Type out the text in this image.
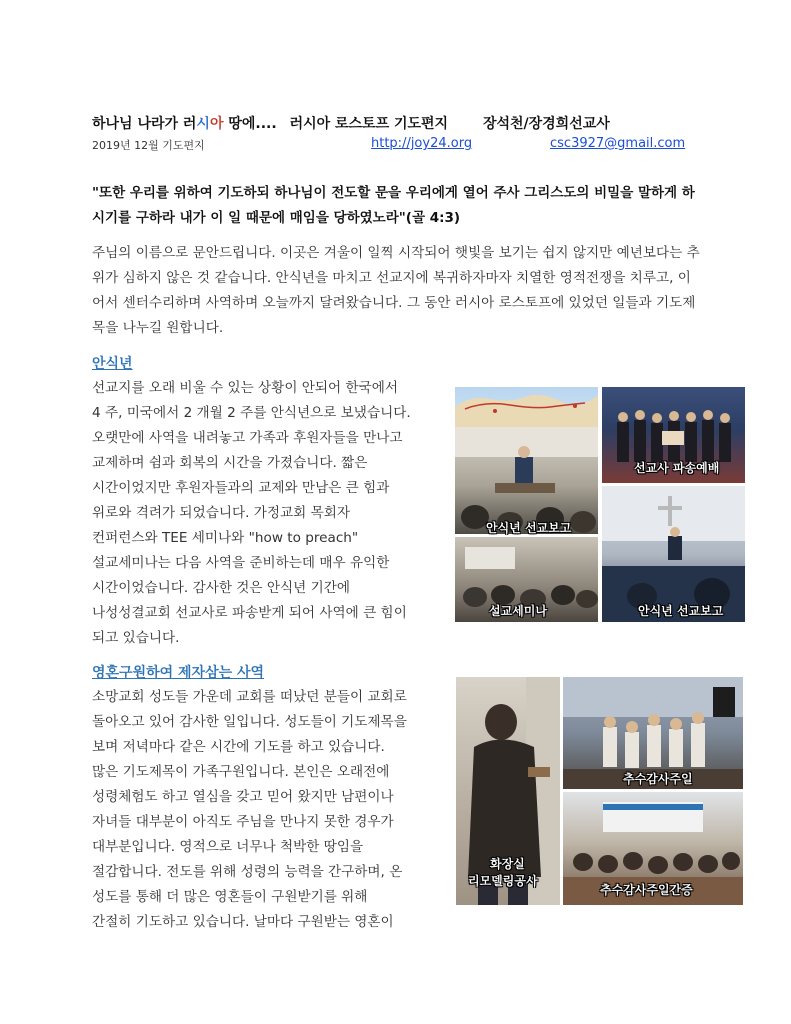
하나님 나라가 러시아 땅에.... 러시아 로스토프 기도편지 장석천/장경희선교사
2019년 12월 기도편지	http://joy24.org	csc3927@gmail.com
"또한 우리를 위하여 기도하되 하나님이 전도할 문을 우리에게 열어 주사 그리스도의 비밀을 말하게 하시기를 구하라 내가 이 일 때문에 매임을 당하였노라"(골 4:3)
주님의 이름으로 문안드립니다. 이곳은 겨울이 일찍 시작되어 햇빛을 보기는 쉽지 않지만 예년보다는 추위가 심하지 않은 것 같습니다. 안식년을 마치고 선교지에 복귀하자마자 치열한 영적전쟁을 치루고, 이어서 센터수리하며 사역하며 오늘까지 달려왔습니다. 그 동안 러시아 로스토프에 있었던 일들과 기도제목을 나누길 원합니다.
안식년
선교지를 오래 비울 수 있는 상황이 안되어 한국에서
4 주, 미국에서 2 개월 2 주를 안식년으로 보냈습니다.
오랫만에 사역을 내려놓고 가족과 후원자들을 만나고
교제하며 쉼과 회복의 시간을 가졌습니다. 짧은
시간이었지만 후원자들과의 교제와 만남은 큰 힘과
위로와 격려가 되었습니다. 가정교회 목회자
컨퍼런스와 TEE 세미나와 "how to preach"
설교세미나는 다음 사역을 준비하는데 매우 유익한
시간이었습니다. 감사한 것은 안식년 기간에
나성성결교회 선교사로 파송받게 되어 사역에 큰 힘이
되고 있습니다.
안식년 선교보고
선교사 파송예배
설교세미나	안식년 선교보고
영혼구원하여 제자삼는 사역
소망교회 성도들 가운데 교회를 떠났던 분들이 교회로
돌아오고 있어 감사한 일입니다. 성도들이 기도제목을
보며 저녁마다 같은 시간에 기도를 하고 있습니다.
많은 기도제목이 가족구원입니다. 본인은 오래전에
성령체험도 하고 열심을 갖고 믿어 왔지만 남편이나
자녀들 대부분이 아직도 주님을 만나지 못한 경우가
대부분입니다. 영적으로 너무나 척박한 땅임을
절감합니다. 전도를 위해 성령의 능력을 간구하며, 온
성도를 통해 더 많은 영혼들이 구원받기를 위해
간절히 기도하고 있습니다. 날마다 구원받는 영혼이
화장실
리모델링공사
추수감사주일
추수감사주일간증
